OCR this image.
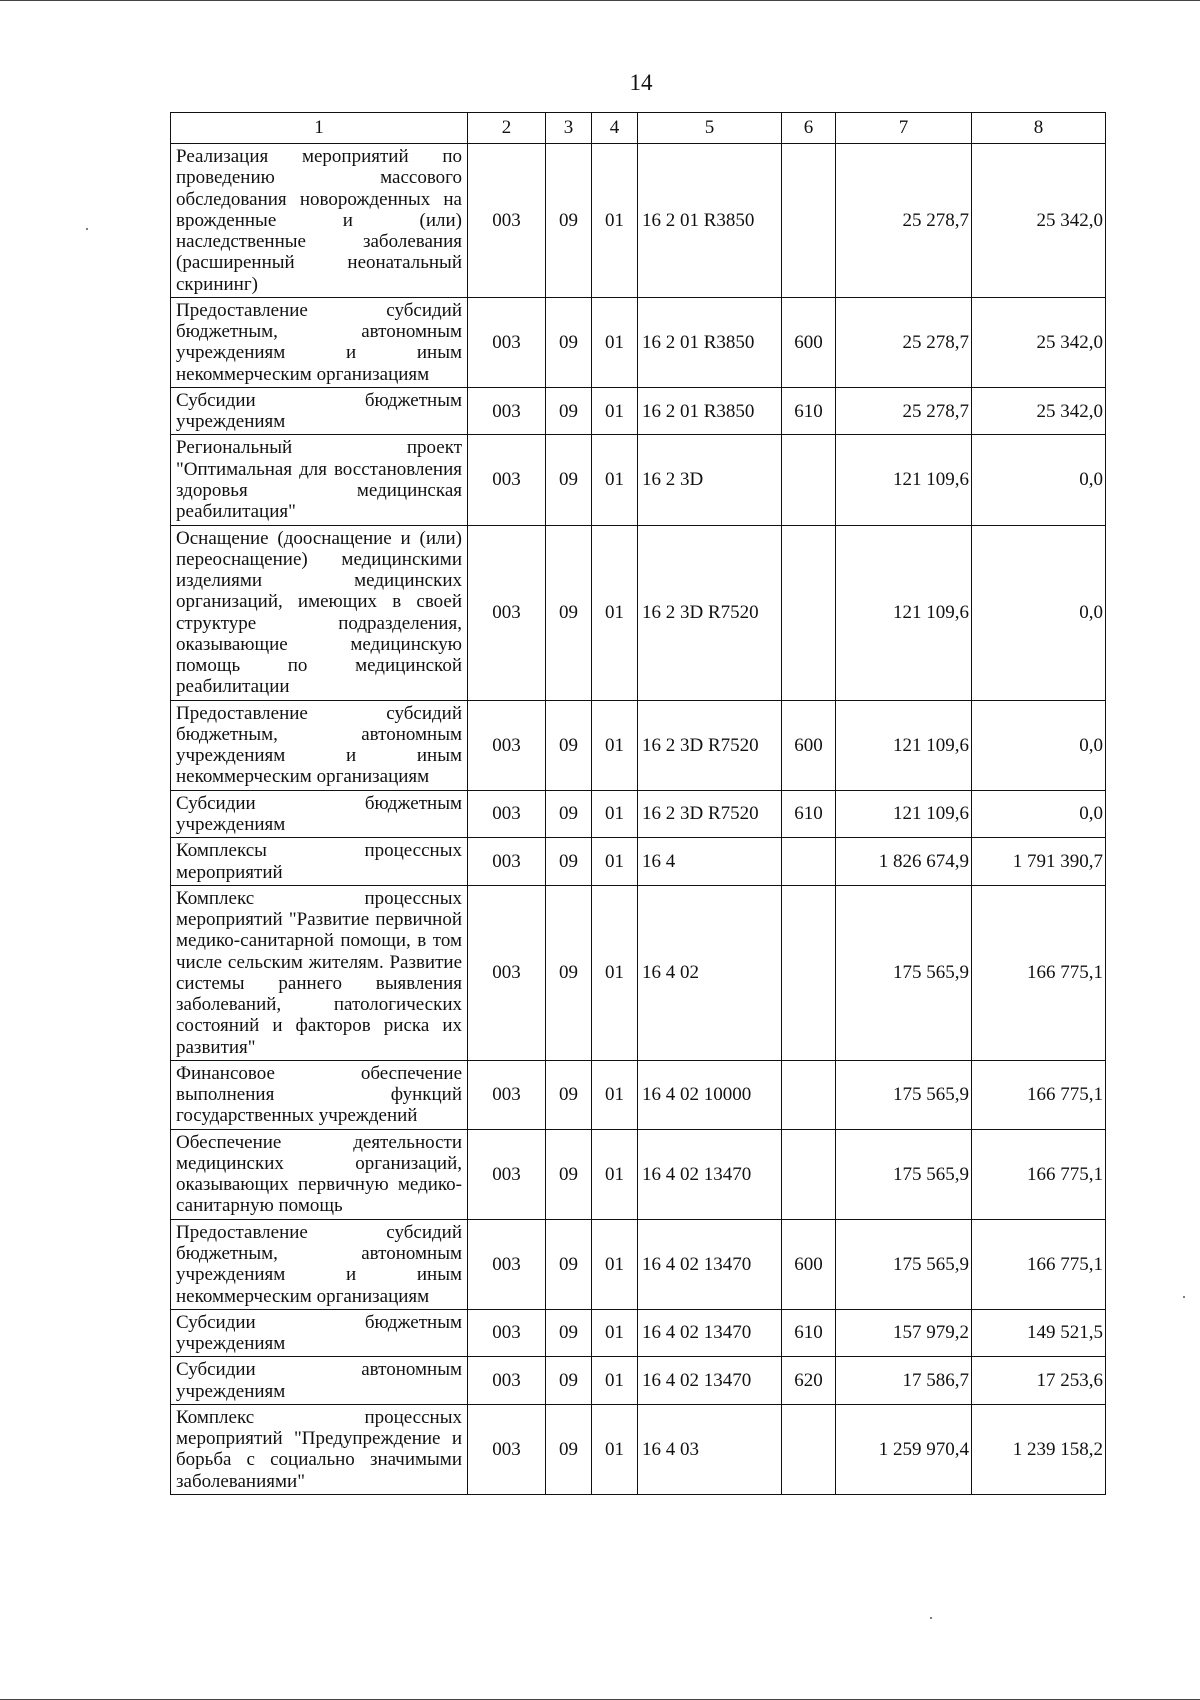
14
1	2	3	4	5	6	7	8
Реализация мероприятий по проведению массового обследования новорожденных на врожденные и (или) наследственные заболевания (расширенный неонатальный скрининг)	003	09	01	16 2 01 R3850		25 278,7	25 342,0
Предоставление субсидий бюджетным, автономным учреждениям и иным некоммерческим организациям	003	09	01	16 2 01 R3850	600	25 278,7	25 342,0
Субсидии бюджетным учреждениям	003	09	01	16 2 01 R3850	610	25 278,7	25 342,0
Региональный проект "Оптимальная для восстановления здоровья медицинская реабилитация"	003	09	01	16 2 3D		121 109,6	0,0
Оснащение (дооснащение и (или) переоснащение) медицинскими изделиями медицинских организаций, имеющих в своей структуре подразделения, оказывающие медицинскую помощь по медицинской реабилитации	003	09	01	16 2 3D R7520		121 109,6	0,0
Предоставление субсидий бюджетным, автономным учреждениям и иным некоммерческим организациям	003	09	01	16 2 3D R7520	600	121 109,6	0,0
Субсидии бюджетным учреждениям	003	09	01	16 2 3D R7520	610	121 109,6	0,0
Комплексы процессных мероприятий	003	09	01	16 4		1 826 674,9	1 791 390,7
Комплекс процессных мероприятий "Развитие первичной медико-санитарной помощи, в том числе сельским жителям. Развитие системы раннего выявления заболеваний, патологических состояний и факторов риска их развития"	003	09	01	16 4 02		175 565,9	166 775,1
Финансовое обеспечение выполнения функций государственных учреждений	003	09	01	16 4 02 10000		175 565,9	166 775,1
Обеспечение деятельности медицинских организаций, оказывающих первичную медико-санитарную помощь	003	09	01	16 4 02 13470		175 565,9	166 775,1
Предоставление субсидий бюджетным, автономным учреждениям и иным некоммерческим организациям	003	09	01	16 4 02 13470	600	175 565,9	166 775,1
Субсидии бюджетным учреждениям	003	09	01	16 4 02 13470	610	157 979,2	149 521,5
Субсидии автономным учреждениям	003	09	01	16 4 02 13470	620	17 586,7	17 253,6
Комплекс процессных мероприятий "Предупреждение и борьба с социально значимыми заболеваниями"	003	09	01	16 4 03		1 259 970,4	1 239 158,2
